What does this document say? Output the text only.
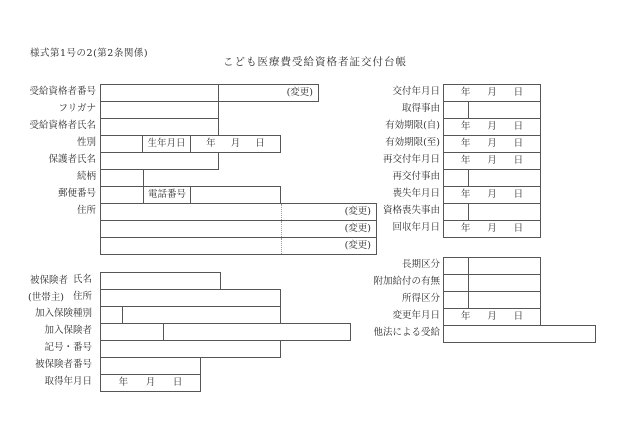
様式第1号の2(第2条関係)
こども医療費受給資格者証交付台帳
受給資格者番号
フリガナ
受給資格者氏名
性別
保護者氏名
続柄
郵便番号
住所
(変更)
生年月日 年 月 日
電話番号
(変更)
(変更)
(変更)
被保険者
(世帯主)
氏名
住所
加入保険種別
加入保険者
記号・番号
被保険者番号
取得年月日	年 月 日
交付年月日
取得事由
有効期限(自)
有効期限(至)
再交付年月日
再交付事由
喪失年月日
資格喪失事由
回収年月日
年 月 日
年 月 日
年 月 日
年 月 日
年 月 日
年 月 日
長期区分
附加給付の有無
所得区分
変更年月日
他法による受給
年 月 日
